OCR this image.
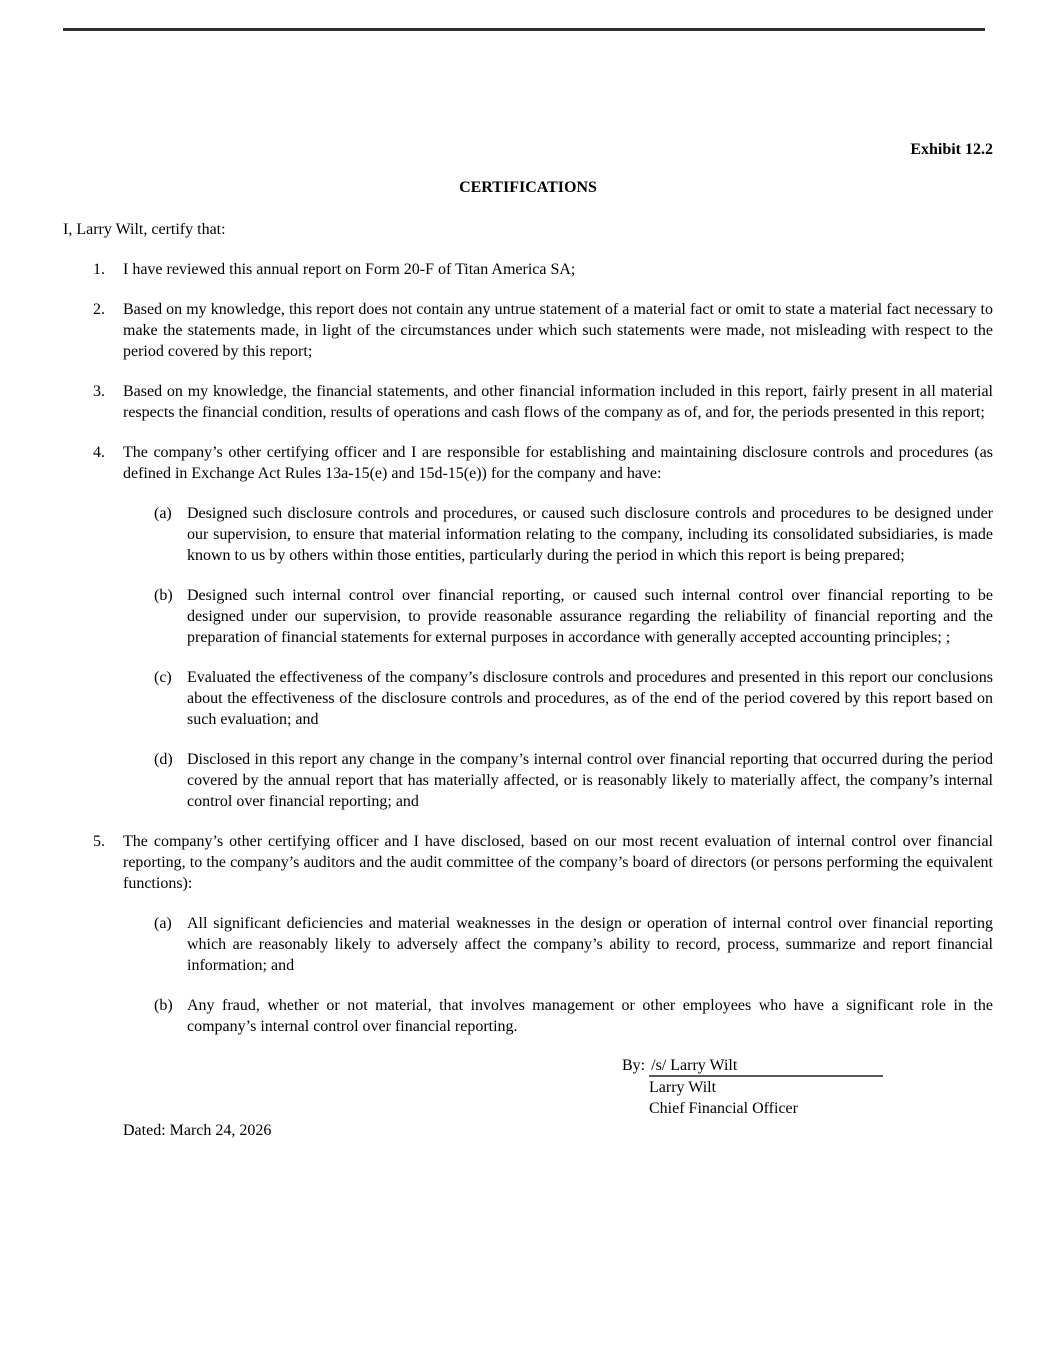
Exhibit 12.2
CERTIFICATIONS

I, Larry Wilt, certify that:

1.	I have reviewed this annual report on Form 20-F of Titan America SA;
2.	Based on my knowledge, this report does not contain any untrue statement of a material fact or omit to state a material fact necessary to make the statements made, in light of the circumstances under which such statements were made, not misleading with respect to the period covered by this report;
3.	Based on my knowledge, the financial statements, and other financial information included in this report, fairly present in all material respects the financial condition, results of operations and cash flows of the company as of, and for, the periods presented in this report;
4.	The company’s other certifying officer and I are responsible for establishing and maintaining disclosure controls and procedures (as defined in Exchange Act Rules 13a-15(e) and 15d-15(e)) for the company and have:
(a) Designed such disclosure controls and procedures, or caused such disclosure controls and procedures to be designed under our supervision, to ensure that material information relating to the company, including its consolidated subsidiaries, is made known to us by others within those entities, particularly during the period in which this report is being prepared;
(b) Designed such internal control over financial reporting, or caused such internal control over financial reporting to be designed under our supervision, to provide reasonable assurance regarding the reliability of financial reporting and the preparation of financial statements for external purposes in accordance with generally accepted accounting principles; ;
(c) Evaluated the effectiveness of the company’s disclosure controls and procedures and presented in this report our conclusions about the effectiveness of the disclosure controls and procedures, as of the end of the period covered by this report based on such evaluation; and
(d) Disclosed in this report any change in the company’s internal control over financial reporting that occurred during the period covered by the annual report that has materially affected, or is reasonably likely to materially affect, the company’s internal control over financial reporting; and
5.	The company’s other certifying officer and I have disclosed, based on our most recent evaluation of internal control over financial reporting, to the company’s auditors and the audit committee of the company’s board of directors (or persons performing the equivalent functions):
(a) All significant deficiencies and material weaknesses in the design or operation of internal control over financial reporting which are reasonably likely to adversely affect the company’s ability to record, process, summarize and report financial information; and
(b) Any fraud, whether or not material, that involves management or other employees who have a significant role in the company’s internal control over financial reporting.
By: /s/ Larry Wilt
Larry Wilt
Chief Financial Officer
Dated: March 24, 2026
